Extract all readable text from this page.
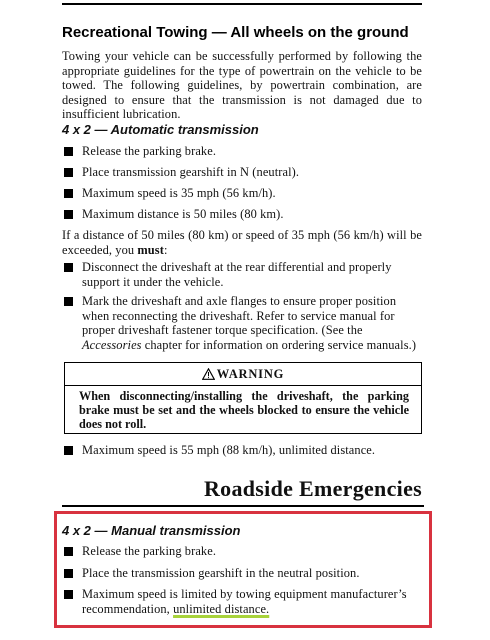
Recreational Towing — All wheels on the ground
Towing your vehicle can be successfully performed by following the appropriate guidelines for the type of powertrain on the vehicle to be towed. The following guidelines, by powertrain combination, are designed to ensure that the transmission is not damaged due to insufficient lubrication.
4 x 2 — Automatic transmission
Release the parking brake.
Place transmission gearshift in N (neutral).
Maximum speed is 35 mph (56 km/h).
Maximum distance is 50 miles (80 km).
If a distance of 50 miles (80 km) or speed of 35 mph (56 km/h) will be exceeded, you must:
Disconnect the driveshaft at the rear differential and properly support it under the vehicle.
Mark the driveshaft and axle flanges to ensure proper position when reconnecting the driveshaft. Refer to service manual for proper driveshaft fastener torque specification. (See the Accessories chapter for information on ordering service manuals.)
WARNING
When disconnecting/installing the driveshaft, the parking brake must be set and the wheels blocked to ensure the vehicle does not roll.
Maximum speed is 55 mph (88 km/h), unlimited distance.
Roadside Emergencies
4 x 2 — Manual transmission
Release the parking brake.
Place the transmission gearshift in the neutral position.
Maximum speed is limited by towing equipment manufacturer’s recommendation, unlimited distance.
